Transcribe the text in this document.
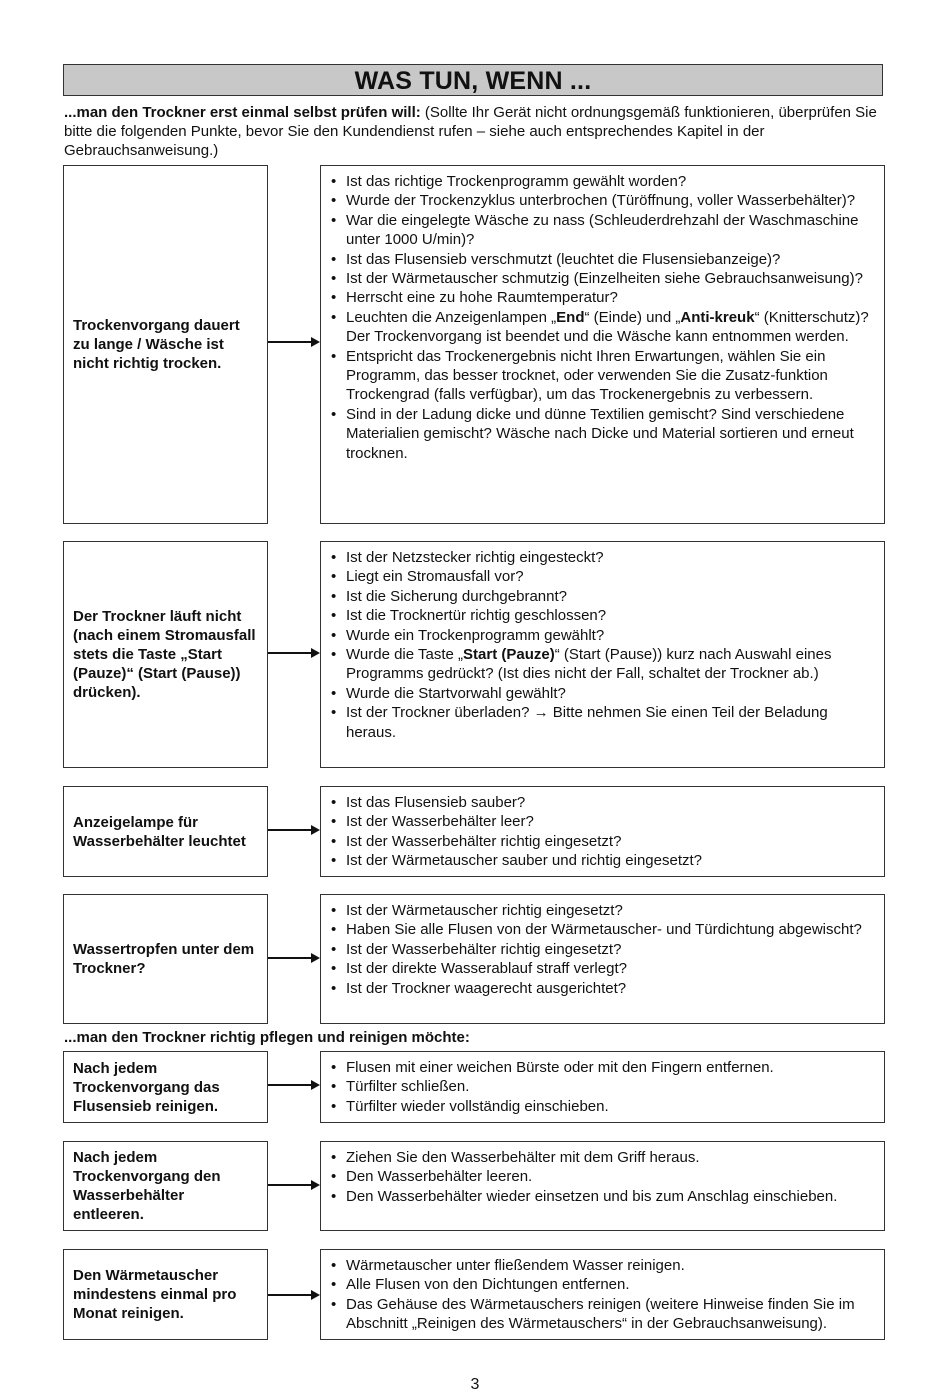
WAS TUN, WENN ...
...man den Trockner erst einmal selbst prüfen will: (Sollte Ihr Gerät nicht ordnungsgemäß funktionieren, überprüfen Sie bitte die folgenden Punkte, bevor Sie den Kundendienst rufen – siehe auch entsprechendes Kapitel in der Gebrauchsanweisung.)
Trockenvorgang dauert zu lange / Wäsche ist nicht richtig trocken.
• Ist das richtige Trockenprogramm gewählt worden?
• Wurde der Trockenzyklus unterbrochen (Türöffnung, voller Wasserbehälter)?
• War die eingelegte Wäsche zu nass (Schleuderdrehzahl der Waschmaschine unter 1000 U/min)?
• Ist das Flusensieb verschmutzt (leuchtet die Flusensiebanzeige)?
• Ist der Wärmetauscher schmutzig (Einzelheiten siehe Gebrauchsanweisung)?
• Herrscht eine zu hohe Raumtemperatur?
• Leuchten die Anzeigenlampen „End“ (Einde) und „Anti-kreuk“ (Knitterschutz)?
Der Trockenvorgang ist beendet und die Wäsche kann entnommen werden.
• Entspricht das Trockenergebnis nicht Ihren Erwartungen, wählen Sie ein Programm, das besser trocknet, oder verwenden Sie die Zusatz-funktion Trockengrad (falls verfügbar), um das Trockenergebnis zu verbessern.
• Sind in der Ladung dicke und dünne Textilien gemischt? Sind verschiedene Materialien gemischt? Wäsche nach Dicke und Material sortieren und erneut trocknen.
Der Trockner läuft nicht (nach einem Stromausfall stets die Taste „Start (Pauze)“ (Start (Pause)) drücken).
• Ist der Netzstecker richtig eingesteckt?
• Liegt ein Stromausfall vor?
• Ist die Sicherung durchgebrannt?
• Ist die Trocknertür richtig geschlossen?
• Wurde ein Trockenprogramm gewählt?
• Wurde die Taste „Start (Pauze)“ (Start (Pause)) kurz nach Auswahl eines Programms gedrückt? (Ist dies nicht der Fall, schaltet der Trockner ab.)
• Wurde die Startvorwahl gewählt?
• Ist der Trockner überladen? → Bitte nehmen Sie einen Teil der Beladung heraus.
Anzeigelampe für Wasserbehälter leuchtet
• Ist das Flusensieb sauber?
• Ist der Wasserbehälter leer?
• Ist der Wasserbehälter richtig eingesetzt?
• Ist der Wärmetauscher sauber und richtig eingesetzt?
Wassertropfen unter dem Trockner?
• Ist der Wärmetauscher richtig eingesetzt?
• Haben Sie alle Flusen von der Wärmetauscher- und Türdichtung abgewischt?
• Ist der Wasserbehälter richtig eingesetzt?
• Ist der direkte Wasserablauf straff verlegt?
• Ist der Trockner waagerecht ausgerichtet?
...man den Trockner richtig pflegen und reinigen möchte:
Nach jedem Trockenvorgang das Flusensieb reinigen.
• Flusen mit einer weichen Bürste oder mit den Fingern entfernen.
• Türfilter schließen.
• Türfilter wieder vollständig einschieben.
Nach jedem Trockenvorgang den Wasserbehälter entleeren.
• Ziehen Sie den Wasserbehälter mit dem Griff heraus.
• Den Wasserbehälter leeren.
• Den Wasserbehälter wieder einsetzen und bis zum Anschlag einschieben.
Den Wärmetauscher mindestens einmal pro Monat reinigen.
• Wärmetauscher unter fließendem Wasser reinigen.
• Alle Flusen von den Dichtungen entfernen.
• Das Gehäuse des Wärmetauschers reinigen (weitere Hinweise finden Sie im Abschnitt „Reinigen des Wärmetauschers“ in der Gebrauchsanweisung).
3
